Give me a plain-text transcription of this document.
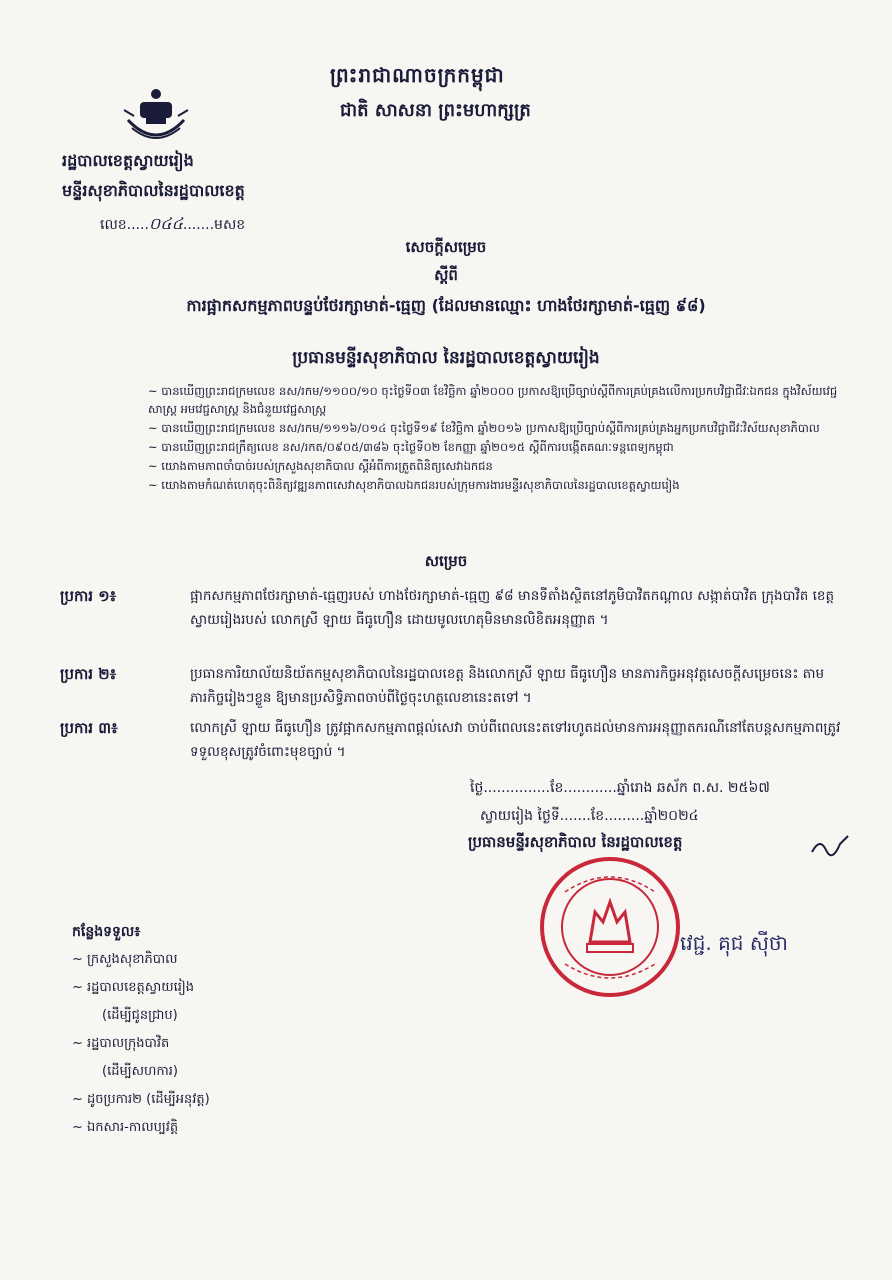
ព្រះរាជាណាចក្រកម្ពុជា
ជាតិ សាសនា ព្រះមហាក្សត្រ
រដ្ឋបាលខេត្តស្វាយរៀង
មន្ទីរសុខាភិបាលនៃរដ្ឋបាលខេត្ត
លេខ.....០៤៤.......មសខ
សេចក្តីសម្រេច
ស្តីពី
ការផ្អាកសកម្មភាពបន្ទប់ថែរក្សាមាត់-ធ្មេញ (ដែលមានឈ្មោះ ហាងថែរក្សាមាត់-ធ្មេញ ៩៨)
ប្រធានមន្ទីរសុខាភិបាល នៃរដ្ឋបាលខេត្តស្វាយរៀង
~ បានឃើញព្រះរាជក្រមលេខ នស/រកម/១១០០/១០ ចុះថ្ងៃទី០៣ ខែវិច្ឆិកា ឆ្នាំ២០០០ ប្រកាសឱ្យប្រើច្បាប់ស្តីពីការគ្រប់គ្រងលើការប្រកបវិជ្ជាជីវៈឯកជន ក្នុងវិស័យវេជ្ជសាស្រ្ត អមវេជ្ជសាស្រ្ត និងជំនួយវេជ្ជសាស្រ្ត
~ បានឃើញព្រះរាជក្រមលេខ នស/រកម/១១១៦/០១៤ ចុះថ្ងៃទី១៩ ខែវិច្ឆិកា ឆ្នាំ២០១៦ ប្រកាសឱ្យប្រើច្បាប់ស្តីពីការគ្រប់គ្រងអ្នកប្រកបវិជ្ជាជីវៈវិស័យសុខាភិបាល
~ បានឃើញព្រះរាជក្រឹត្យលេខ នស/រកត/០៩០៥/៣៨៦ ចុះថ្ងៃទី០២ ខែកញ្ញា ឆ្នាំ២០១៥ ស្តីពីការបង្កើតគណៈទន្តពេទ្យកម្ពុជា
~ យោងតាមភាពចាំបាច់របស់ក្រសួងសុខាភិបាល ស្តីអំពីការត្រួតពិនិត្យសេវាឯកជន
~ យោងតាមកំណត់ហេតុចុះពិនិត្យវឌ្ឍនភាពសេវាសុខាភិបាលឯកជនរបស់ក្រុមការងារមន្ទីរសុខាភិបាលនៃរដ្ឋបាលខេត្តស្វាយរៀង
សម្រេច
ប្រការ ១៖	ផ្អាកសកម្មភាពថែរក្សាមាត់-ធ្មេញរបស់ ហាងថែរក្សាមាត់-ធ្មេញ ៩៨ មានទីតាំងស្ថិតនៅភូមិបាវិតកណ្តាល សង្កាត់បាវិត ក្រុងបាវិត ខេត្តស្វាយរៀងរបស់ លោកស្រី ឡាយ ធីធូហឿន ដោយមូលហេតុមិនមានលិខិតអនុញ្ញាត ។
ប្រការ ២៖	ប្រធានការិយាល័យនិយ័តកម្មសុខាភិបាលនៃរដ្ឋបាលខេត្ត និងលោកស្រី ឡាយ ធីធូហឿន មានភារកិច្ចអនុវត្តសេចក្តីសម្រេចនេះ តាមភារកិច្ចរៀងៗខ្លួន ឱ្យមានប្រសិទ្ធិភាពចាប់ពីថ្ងៃចុះហត្ថលេខានេះតទៅ ។
ប្រការ ៣៖	លោកស្រី ឡាយ ធីធូហឿន ត្រូវផ្អាកសកម្មភាពផ្តល់សេវា ចាប់ពីពេលនេះតទៅរហូតដល់មានការអនុញ្ញាតករណីនៅតែបន្តសកម្មភាពត្រូវទទួលខុសត្រូវចំពោះមុខច្បាប់ ។
ថ្ងៃ...............ខែ............ឆ្នាំរោង ឆស័ក ព.ស. ២៥៦៧
ស្វាយរៀង ថ្ងៃទី.......ខែ.........ឆ្នាំ២០២៤
ប្រធានមន្ទីរសុខាភិបាល នៃរដ្ឋបាលខេត្ត
វេជ្ជ. គុជ ស៊ីថា
កន្លែងទទួល៖
~ ក្រសួងសុខាភិបាល
~ រដ្ឋបាលខេត្តស្វាយរៀង
(ដើម្បីជូនជ្រាប)
~ រដ្ឋបាលក្រុងបាវិត
(ដើម្បីសហការ)
~ ដូចប្រការ២ (ដើម្បីអនុវត្ត)
~ ឯកសារ-កាលប្បវត្តិ
